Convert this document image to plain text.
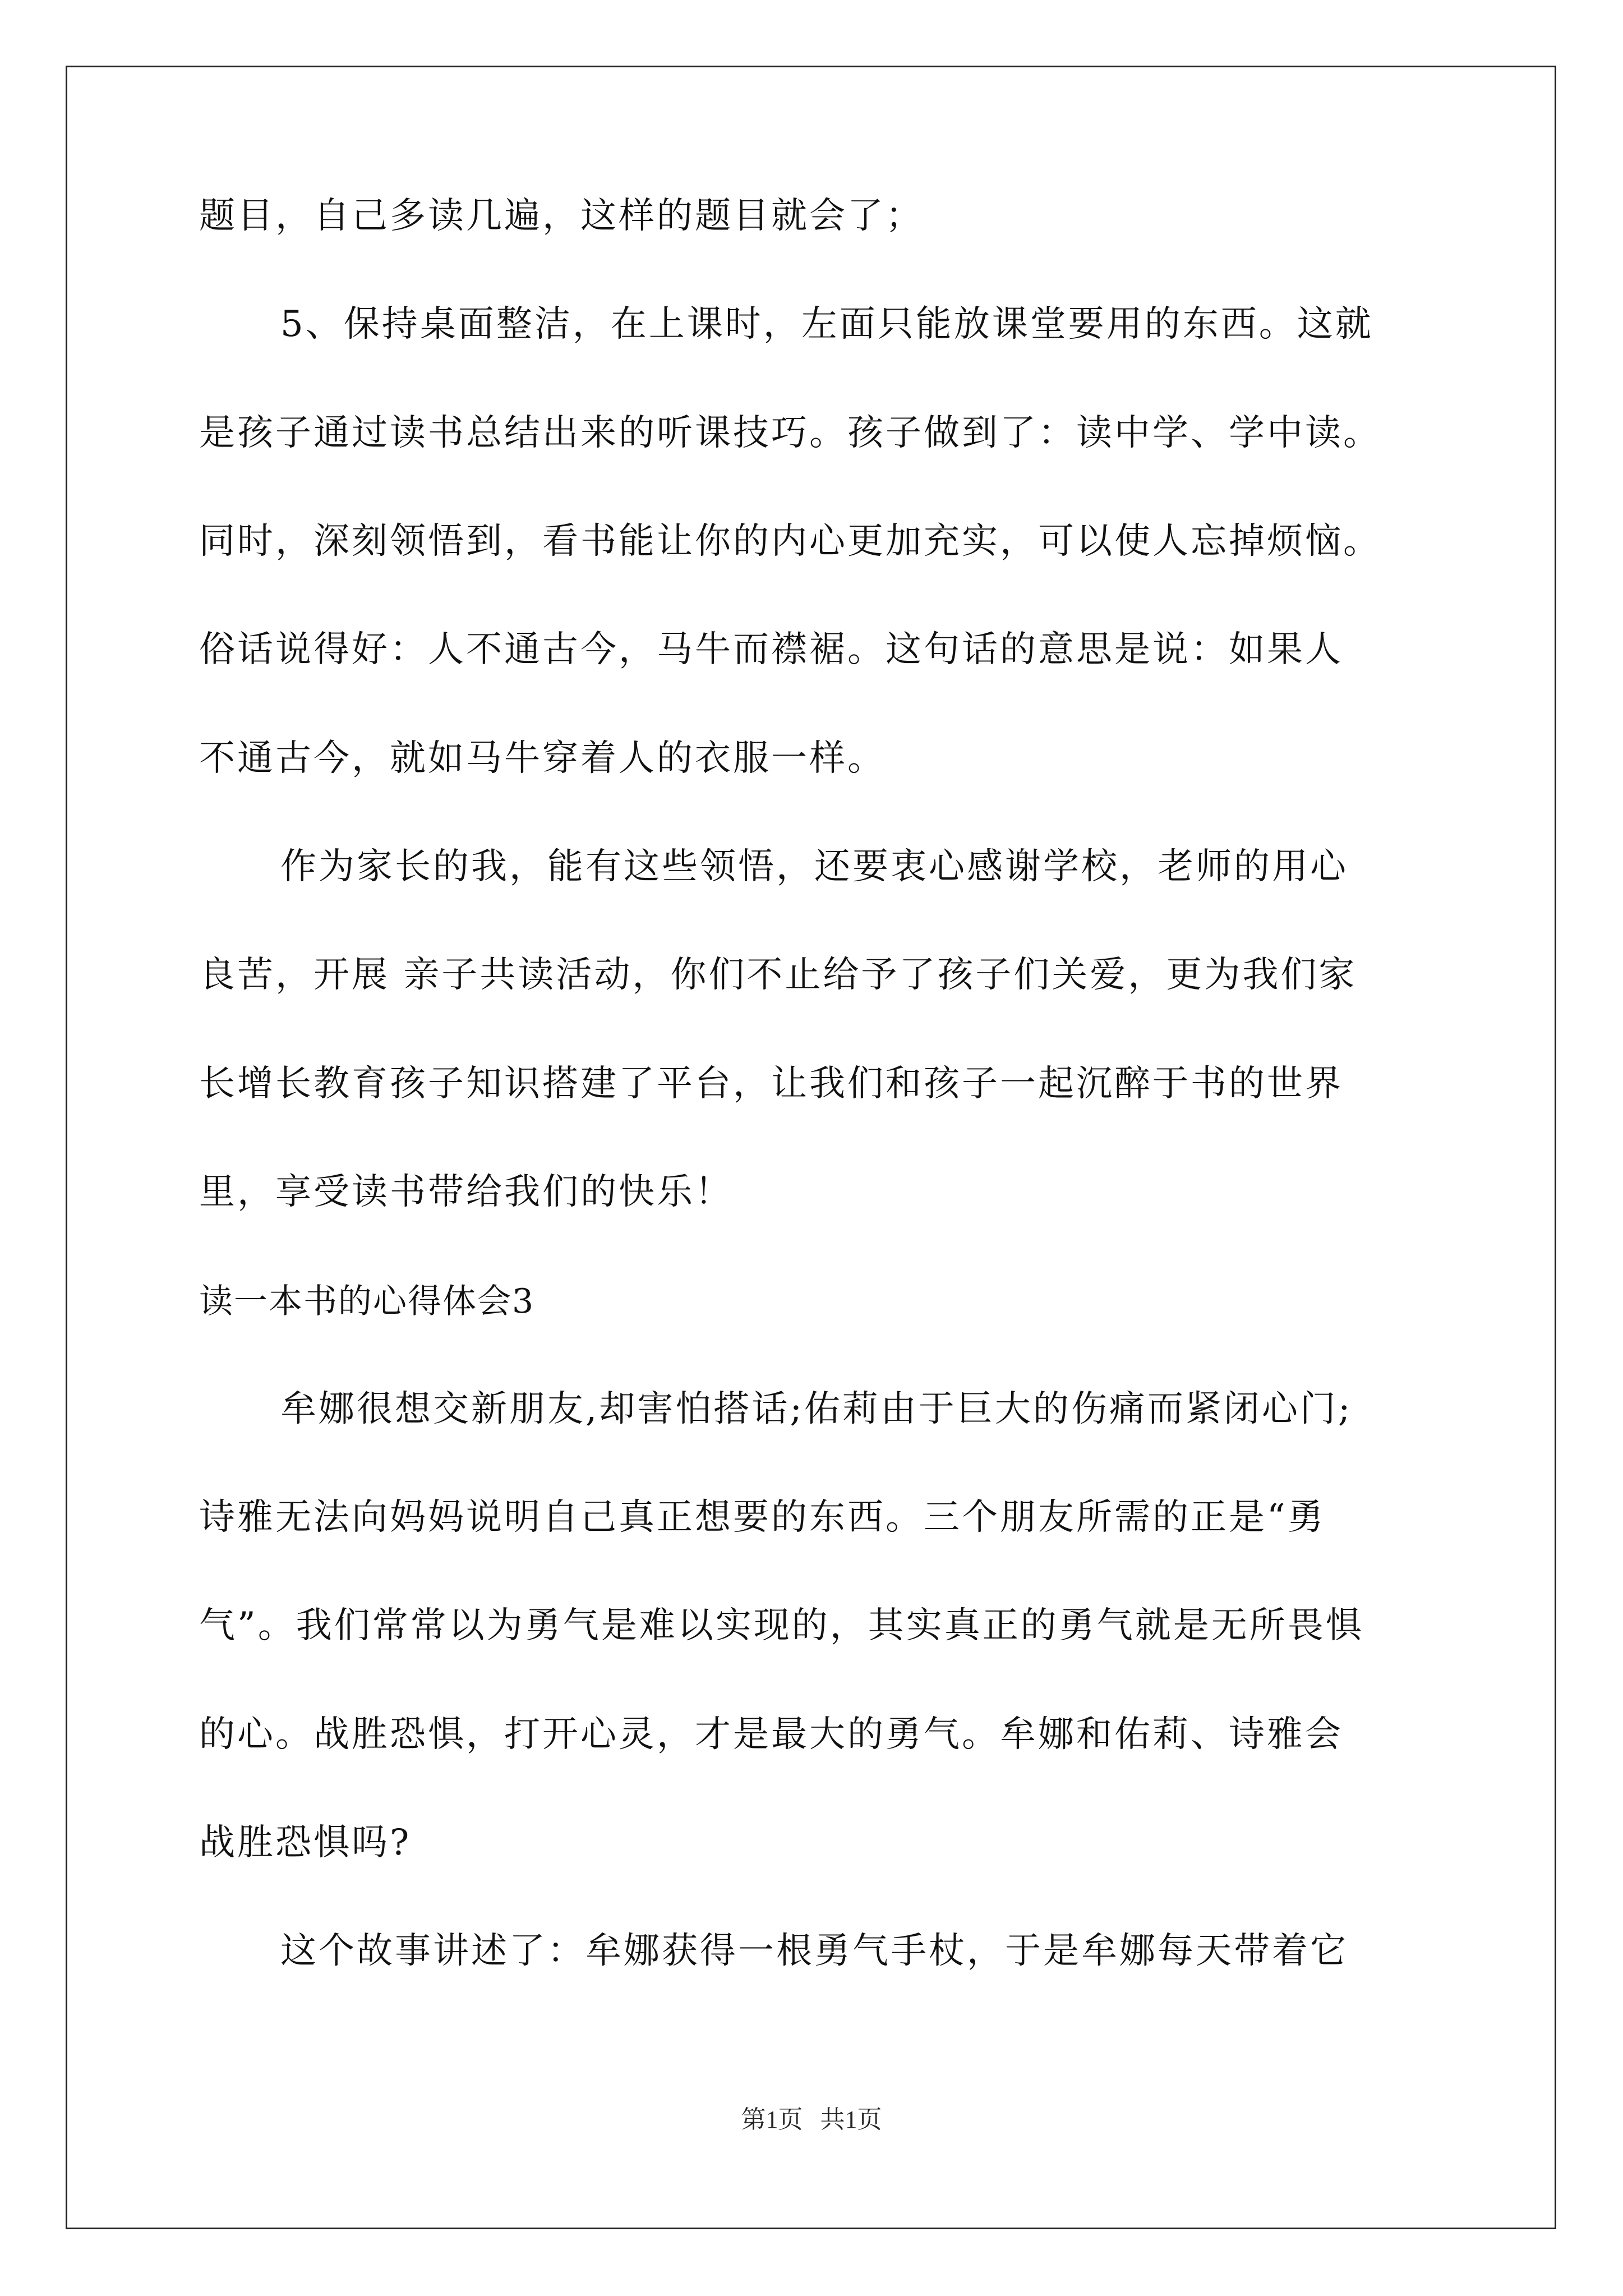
题目，自己多读几遍，这样的题目就会了；
5、保持桌面整洁，在上课时，左面只能放课堂要用的东西。这就
是孩子通过读书总结出来的听课技巧。孩子做到了：读中学、学中读。
同时，深刻领悟到，看书能让你的内心更加充实，可以使人忘掉烦恼。
俗话说得好：人不通古今，马牛而襟裾。这句话的意思是说：如果人
不通古今，就如马牛穿着人的衣服一样。
作为家长的我，能有这些领悟，还要衷心感谢学校，老师的用心
良苦，开展 亲子共读活动，你们不止给予了孩子们关爱，更为我们家
长增长教育孩子知识搭建了平台，让我们和孩子一起沉醉于书的世界
里，享受读书带给我们的快乐！
读一本书的心得体会3
牟娜很想交新朋友,却害怕搭话;佑莉由于巨大的伤痛而紧闭心门;
诗雅无法向妈妈说明自己真正想要的东西。三个朋友所需的正是“勇
气”。我们常常以为勇气是难以实现的，其实真正的勇气就是无所畏惧
的心。战胜恐惧，打开心灵，才是最大的勇气。牟娜和佑莉、诗雅会
战胜恐惧吗?
这个故事讲述了：牟娜获得一根勇气手杖，于是牟娜每天带着它
第1页 共1页
